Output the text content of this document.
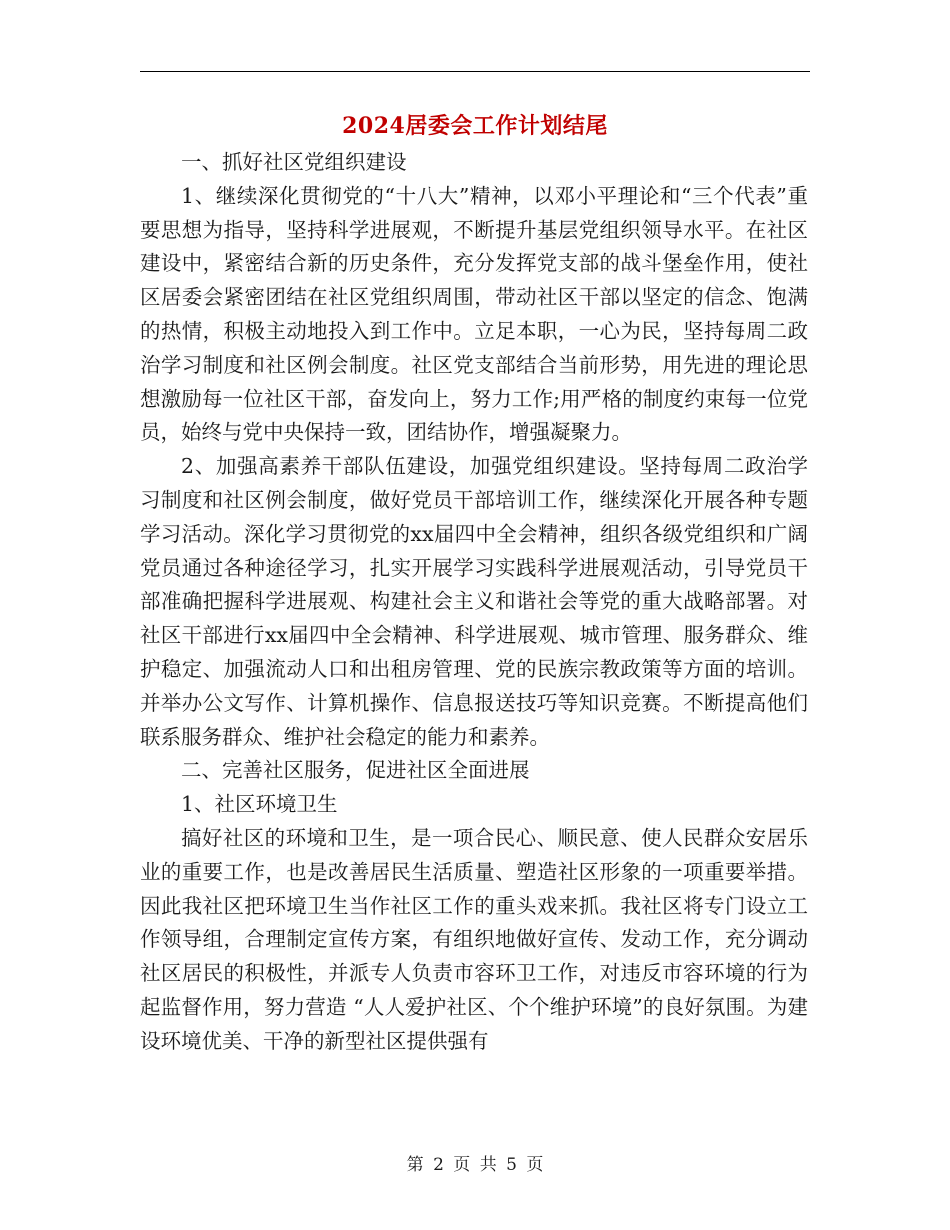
2024居委会工作计划结尾

一、抓好社区党组织建设

1、继续深化贯彻党的“十八大”精神，以邓小平理论和“三个代表”重要思想为指导，坚持科学进展观，不断提升基层党组织领导水平。在社区建设中，紧密结合新的历史条件，充分发挥党支部的战斗堡垒作用，使社区居委会紧密团结在社区党组织周围，带动社区干部以坚定的信念、饱满的热情，积极主动地投入到工作中。立足本职，一心为民，坚持每周二政治学习制度和社区例会制度。社区党支部结合当前形势，用先进的理论思想激励每一位社区干部，奋发向上，努力工作;用严格的制度约束每一位党员，始终与党中央保持一致，团结协作，增强凝聚力。

2、加强高素养干部队伍建设，加强党组织建设。坚持每周二政治学习制度和社区例会制度，做好党员干部培训工作，继续深化开展各种专题学习活动。深化学习贯彻党的xx届四中全会精神，组织各级党组织和广阔党员通过各种途径学习，扎实开展学习实践科学进展观活动，引导党员干部准确把握科学进展观、构建社会主义和谐社会等党的重大战略部署。对社区干部进行xx届四中全会精神、科学进展观、城市管理、服务群众、维护稳定、加强流动人口和出租房管理、党的民族宗教政策等方面的培训。并举办公文写作、计算机操作、信息报送技巧等知识竞赛。不断提高他们联系服务群众、维护社会稳定的能力和素养。

二、完善社区服务，促进社区全面进展

1、社区环境卫生

搞好社区的环境和卫生，是一项合民心、顺民意、使人民群众安居乐业的重要工作，也是改善居民生活质量、塑造社区形象的一项重要举措。因此我社区把环境卫生当作社区工作的重头戏来抓。我社区将专门设立工作领导组，合理制定宣传方案，有组织地做好宣传、发动工作，充分调动社区居民的积极性，并派专人负责市容环卫工作，对违反市容环境的行为起监督作用，努力营造 “人人爱护社区、个个维护环境”的良好氛围。为建设环境优美、干净的新型社区提供强有

第 2 页 共 5 页
